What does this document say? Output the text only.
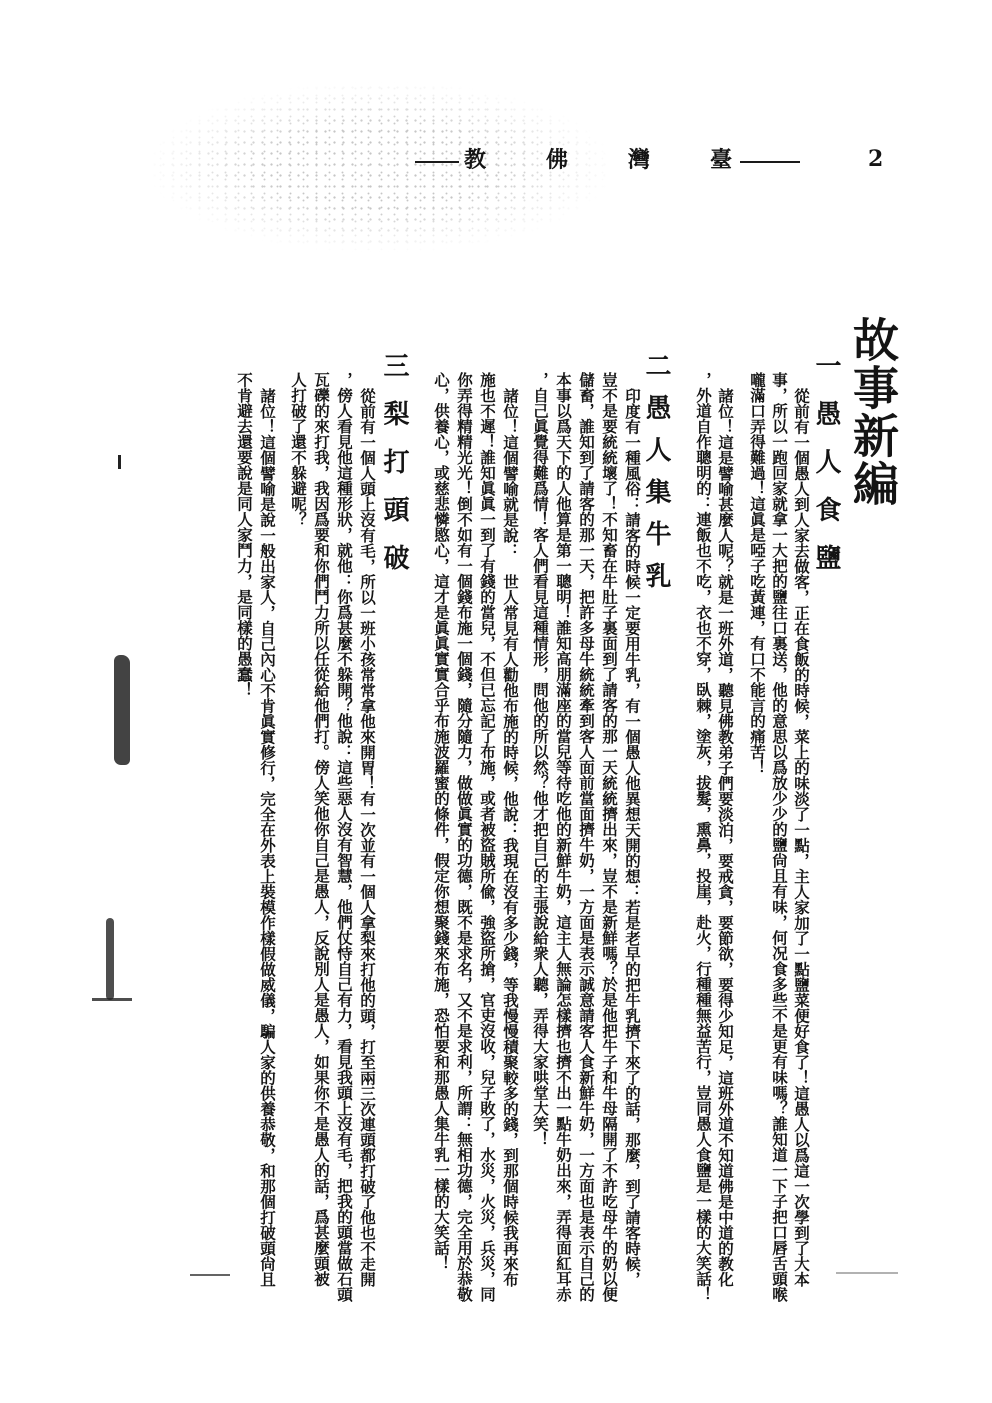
臺灣佛教	2
故事新編
一愚人食鹽
從前有一個愚人到人家去做客，正在食飯的時候，菜上的味淡了一點，主人家加了一點鹽菜便好食了！這愚人以爲這一次學到了大本
事，所以一跑回家就拿一大把的鹽往口裏送，他的意思以爲放少少的鹽尙且有味，何况食多些不是更有味嗎？誰知道一下子把口唇舌頭喉
嚨滿口弄得難過！這眞是啞子吃黃連，有口不能言的痛苦！
諸位！這是譬喻甚麼人呢？就是一班外道，聽見佛教弟子們要淡泊，要戒貪，要節欲，要得少知足，這班外道不知道佛是中道的教化
，外道自作聰明的：連飯也不吃，衣也不穿，臥棘，塗灰，拔髮，熏鼻，投崖，赴火，行種種無益苦行，豈同愚人食鹽是一樣的大笑話！
二愚人集牛乳
印度有一種風俗：請客的時候一定要用牛乳，有一個愚人他異想天開的想：若是老早的把牛乳擠下來了的話，那麼，到了請客時候，
豈不是要統統壞了！不知畜在牛肚子裏面到了請客的那一天統統擠出來，豈不是新鮮嗎？於是他把牛子和牛母隔開了不許吃母牛的奶以便
儲畜，誰知到了請客的那一天，把許多母牛統統牽到客人面前當面擠牛奶，一方面是表示誠意請客人食新鮮牛奶，一方面也是表示自己的
本事以爲天下的人他算是第一聰明！誰知高朋滿座的當兒等待吃他的新鮮牛奶，這主人無論怎樣擠也擠不出一點牛奶出來，弄得面紅耳赤
，自己眞覺得難爲情！客人們看見這種情形，問他的所以然？他才把自己的主張說給衆人聽，弄得大家哄堂大笑！
諸位！這個譬喻就是說：　世人常見有人勸他布施的時候，他說：我現在沒有多少錢，等我慢慢積聚較多的錢，到那個時候我再來布
施也不遲！誰知眞眞一到了有錢的當兒，不但已忘記了布施，或者被盜賊所偸，強盜所搶，官吏沒收，兒子敗了，水災，火災，兵災，同
你弄得精精光光！倒不如有一個錢布施一個錢，隨分隨力，做做眞實的功德，既不是求名，又不是求利，所謂：無相功德，完全用於恭敬
心，供養心，或慈悲憐愍心，這才是眞眞實實合乎布施波羅蜜的條件，假定你想聚錢來布施，恐怕要和那愚人集牛乳一樣的大笑話！
三梨打頭破
從前有一個人頭上沒有毛，所以一班小孩常常拿他來開胃！有一次並有一個人拿梨來打他的頭，打至兩三次連頭都打破了他也不走開
，傍人看見他這種形狀，就他：你爲甚麼不躲開？他說：這些惡人沒有智慧，他們仗恃自己有力，看見我頭上沒有毛，把我的頭當做石頭
瓦礫的來打我，我因爲要和你們鬥力所以任從給他們打。傍人笑他你自己是愚人，反說別人是愚人，如果你不是愚人的話，爲甚麼頭被
人打破了還不躲避呢？
諸位！這個譬喻是說一般出家人，自己內心不肯眞實修行，完全在外表上裝模作樣假做威儀，騙人家的供養恭敬，和那個打破頭尙且
不肯避去還要說是同人家鬥力，是同樣的愚蠢！
